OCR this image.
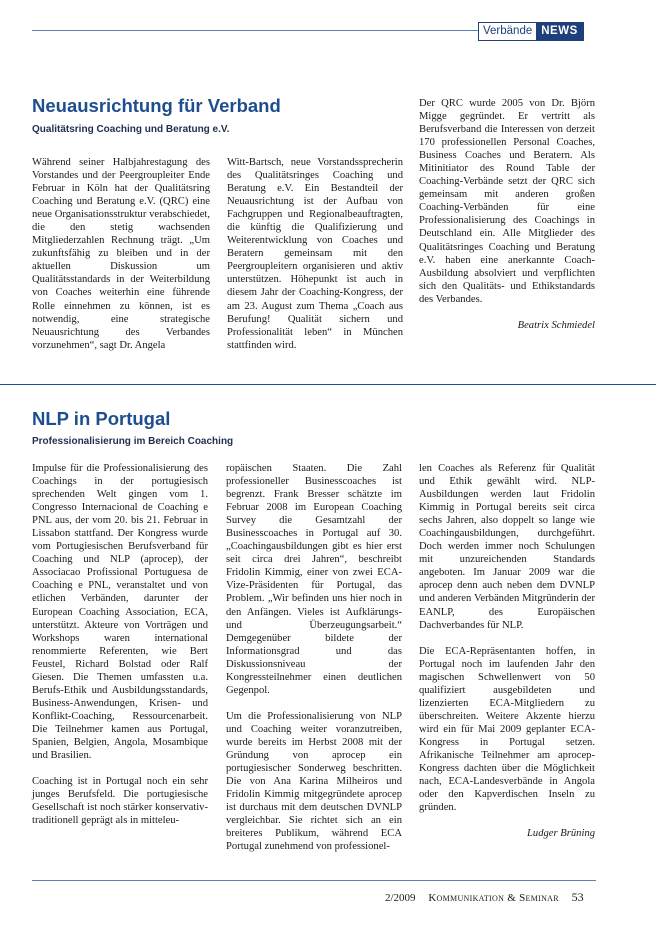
Verbände NEWS
Neuausrichtung für Verband
Qualitätsring Coaching und Beratung e.V.

Während seiner Halbjahrestagung des Vorstandes und der Peergroupleiter Ende Februar in Köln hat der Qualitätsring Coaching und Beratung e.V. (QRC) eine neue Organisationsstruktur verabschiedet, die den stetig wachsenden Mitgliederzahlen Rechnung trägt. „Um zukunftsfähig zu bleiben und in der aktuellen Diskussion um Qualitätsstandards in der Weiterbildung von Coaches weiterhin eine führende Rolle einnehmen zu können, ist es notwendig, eine strategische Neuausrichtung des Verbandes vorzunehmen“, sagt Dr. Angela

Witt-Bartsch, neue Vorstandssprecherin des Qualitätsringes Coaching und Beratung e.V. Ein Bestandteil der Neuausrichtung ist der Aufbau von Fachgruppen und Regionalbeauftragten, die künftig die Qualifizierung und Weiterentwicklung von Coaches und Beratern gemeinsam mit den Peergroupleitern organisieren und aktiv unterstützen. Höhepunkt ist auch in diesem Jahr der Coaching-Kongress, der am 23. August zum Thema „Coach aus Berufung! Qualität sichern und Professionalität leben“ in München stattfinden wird.

Der QRC wurde 2005 von Dr. Björn Migge gegründet. Er vertritt als Berufsverband die Interessen von derzeit 170 professionellen Personal Coaches, Business Coaches und Beratern. Als Mitinitiator des Round Table der Coaching-Verbände setzt der QRC sich gemeinsam mit anderen großen Coaching-Verbänden für eine Professionalisierung des Coachings in Deutschland ein. Alle Mitglieder des Qualitätsringes Coaching und Beratung e.V. haben eine anerkannte Coach-Ausbildung absolviert und verpflichten sich den Qualitäts- und Ethikstandards des Verbandes.

Beatrix Schmiedel

NLP in Portugal
Professionalisierung im Bereich Coaching

Impulse für die Professionalisierung des Coachings in der portugiesisch sprechenden Welt gingen vom 1. Congresso Internacional de Coaching e PNL aus, der vom 20. bis 21. Februar in Lissabon stattfand. Der Kongress wurde vom Portugiesischen Berufsverband für Coaching und NLP (aprocep), der Associacao Profissional Portuguesa de Coaching e PNL, veranstaltet und von etlichen Verbänden, darunter der European Coaching Association, ECA, unterstützt. Akteure von Vorträgen und Workshops waren international renommierte Referenten, wie Bert Feustel, Richard Bolstad oder Ralf Giesen. Die Themen umfassten u.a. Berufs-Ethik und Ausbildungsstandards, Business-Anwendungen, Krisen- und Konflikt-Coaching, Ressourcenarbeit. Die Teilnehmer kamen aus Portugal, Spanien, Belgien, Angola, Mosambique und Brasilien.

Coaching ist in Portugal noch ein sehr junges Berufsfeld. Die portugiesische Gesellschaft ist noch stärker konservativ-traditionell geprägt als in mitteleu-

ropäischen Staaten. Die Zahl professioneller Businesscoaches ist begrenzt. Frank Bresser schätzte im Februar 2008 im European Coaching Survey die Gesamtzahl der Businesscoaches in Portugal auf 30. „Coachingausbildungen gibt es hier erst seit circa drei Jahren“, beschreibt Fridolin Kimmig, einer von zwei ECA-Vize-Präsidenten für Portugal, das Problem. „Wir befinden uns hier noch in den Anfängen. Vieles ist Aufklärungs- und Überzeugungsarbeit.“ Demgegenüber bildete der Informationsgrad und das Diskussionsniveau der Kongressteilnehmer einen deutlichen Gegenpol.

Um die Professionalisierung von NLP und Coaching weiter voranzutreiben, wurde bereits im Herbst 2008 mit der Gründung von aprocep ein portugiesischer Sonderweg beschritten. Die von Ana Karina Milheiros und Fridolin Kimmig mitgegründete aprocep ist durchaus mit dem deutschen DVNLP vergleichbar. Sie richtet sich an ein breiteres Publikum, während ECA Portugal zunehmend von professionel-

len Coaches als Referenz für Qualität und Ethik gewählt wird. NLP-Ausbildungen werden laut Fridolin Kimmig in Portugal bereits seit circa sechs Jahren, also doppelt so lange wie Coachingausbildungen, durchgeführt. Doch werden immer noch Schulungen mit unzureichenden Standards angeboten. Im Januar 2009 war die aprocep denn auch neben dem DVNLP und anderen Verbänden Mitgründerin der EANLP, des Europäischen Dachverbandes für NLP.

Die ECA-Repräsentanten hoffen, in Portugal noch im laufenden Jahr den magischen Schwellenwert von 50 qualifiziert ausgebildeten und lizenzierten ECA-Mitgliedern zu überschreiten. Weitere Akzente hierzu wird ein für Mai 2009 geplanter ECA-Kongress in Portugal setzen. Afrikanische Teilnehmer am aprocep-Kongress dachten über die Möglichkeit nach, ECA-Landesverbände in Angola oder den Kapverdischen Inseln zu gründen.

Ludger Brüning

2/2009 Kommunikation & Seminar 53
